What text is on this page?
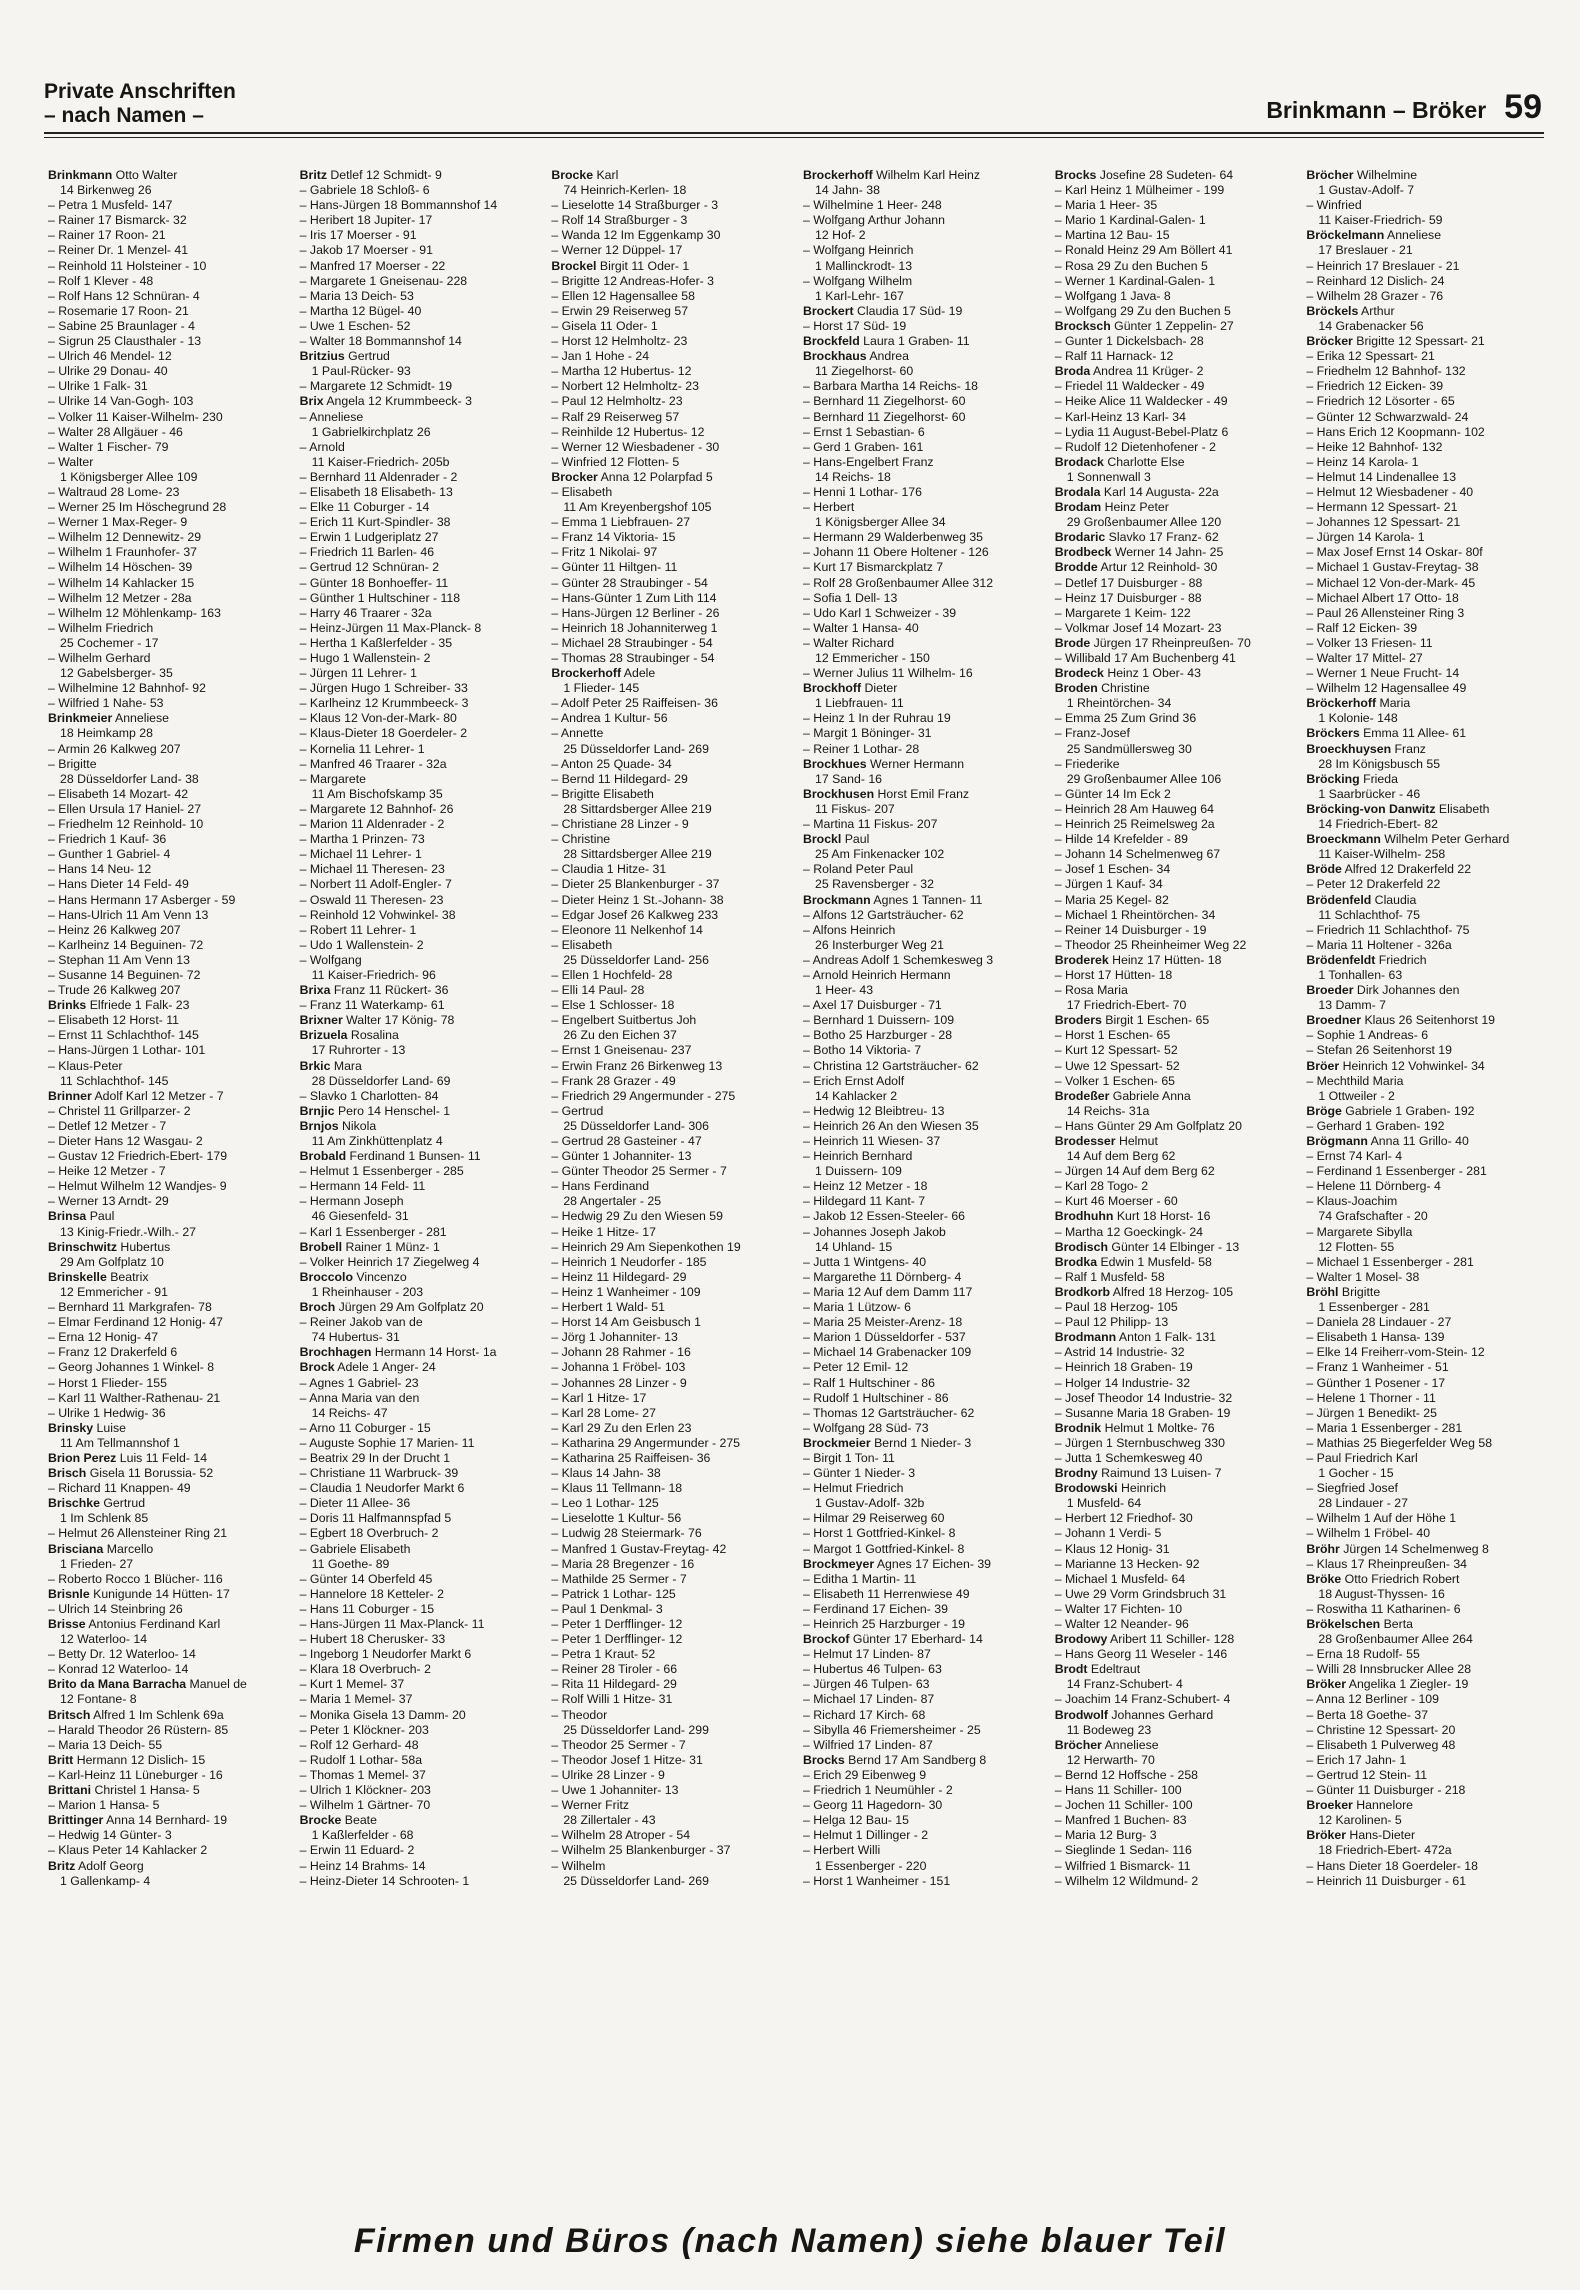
Private Anschriften
– nach Namen –	Brinkmann – Bröker 59
Brinkmann Otto Walter
14 Birkenweg 26
– Petra 1 Musfeld- 147
– Rainer 17 Bismarck- 32
– Rainer 17 Roon- 21
– Reiner Dr. 1 Menzel- 41
– Reinhold 11 Holsteiner - 10
– Rolf 1 Klever - 48
– Rolf Hans 12 Schnüran- 4
– Rosemarie 17 Roon- 21
– Sabine 25 Braunlager - 4
– Sigrun 25 Clausthaler - 13
– Ulrich 46 Mendel- 12
– Ulrike 29 Donau- 40
– Ulrike 1 Falk- 31
– Ulrike 14 Van-Gogh- 103
– Volker 11 Kaiser-Wilhelm- 230
– Walter 28 Allgäuer - 46
– Walter 1 Fischer- 79
– Walter
1 Königsberger Allee 109
– Waltraud 28 Lome- 23
– Werner 25 Im Höschegrund 28
– Werner 1 Max-Reger- 9
– Wilhelm 12 Dennewitz- 29
– Wilhelm 1 Fraunhofer- 37
– Wilhelm 14 Höschen- 39
– Wilhelm 14 Kahlacker 15
– Wilhelm 12 Metzer - 28a
– Wilhelm 12 Möhlenkamp- 163
– Wilhelm Friedrich
25 Cochemer - 17
– Wilhelm Gerhard
12 Gabelsberger- 35
– Wilhelmine 12 Bahnhof- 92
– Wilfried 1 Nahe- 53
Brinkmeier Anneliese
18 Heimkamp 28
– Armin 26 Kalkweg 207
– Brigitte
28 Düsseldorfer Land- 38
– Elisabeth 14 Mozart- 42
– Ellen Ursula 17 Haniel- 27
– Friedhelm 12 Reinhold- 10
– Friedrich 1 Kauf- 36
– Gunther 1 Gabriel- 4
– Hans 14 Neu- 12
– Hans Dieter 14 Feld- 49
– Hans Hermann 17 Asberger - 59
– Hans-Ulrich 11 Am Venn 13
– Heinz 26 Kalkweg 207
– Karlheinz 14 Beguinen- 72
– Stephan 11 Am Venn 13
– Susanne 14 Beguinen- 72
– Trude 26 Kalkweg 207
Brinks Elfriede 1 Falk- 23
– Elisabeth 12 Horst- 11
– Ernst 11 Schlachthof- 145
– Hans-Jürgen 1 Lothar- 101
– Klaus-Peter
11 Schlachthof- 145
Brinner Adolf Karl 12 Metzer - 7
– Christel 11 Grillparzer- 2
– Detlef 12 Metzer - 7
– Dieter Hans 12 Wasgau- 2
– Gustav 12 Friedrich-Ebert- 179
– Heike 12 Metzer - 7
– Helmut Wilhelm 12 Wandjes- 9
– Werner 13 Arndt- 29
Brinsa Paul
13 Kinig-Friedr.-Wilh.- 27
Brinschwitz Hubertus
29 Am Golfplatz 10
Brinskelle Beatrix
12 Emmericher - 91
– Bernhard 11 Markgrafen- 78
– Elmar Ferdinand 12 Honig- 47
– Erna 12 Honig- 47
– Franz 12 Drakerfeld 6
– Georg Johannes 1 Winkel- 8
– Horst 1 Flieder- 155
– Karl 11 Walther-Rathenau- 21
– Ulrike 1 Hedwig- 36
Brinsky Luise
11 Am Tellmannshof 1
Brion Perez Luis 11 Feld- 14
Brisch Gisela 11 Borussia- 52
– Richard 11 Knappen- 49
Brischke Gertrud
1 Im Schlenk 85
– Helmut 26 Allensteiner Ring 21
Brisciana Marcello
1 Frieden- 27
– Roberto Rocco 1 Blücher- 116
Brisnle Kunigunde 14 Hütten- 17
– Ulrich 14 Steinbring 26
Brisse Antonius Ferdinand Karl
12 Waterloo- 14
– Betty Dr. 12 Waterloo- 14
– Konrad 12 Waterloo- 14
Brito da Mana Barracha Manuel de
12 Fontane- 8
Britsch Alfred 1 Im Schlenk 69a
– Harald Theodor 26 Rüstern- 85
– Maria 13 Deich- 55
Britt Hermann 12 Dislich- 15
– Karl-Heinz 11 Lüneburger - 16
Brittani Christel 1 Hansa- 5
– Marion 1 Hansa- 5
Brittinger Anna 14 Bernhard- 19
– Hedwig 14 Günter- 3
– Klaus Peter 14 Kahlacker 2
Britz Adolf Georg
1 Gallenkamp- 4
Britz Detlef 12 Schmidt- 9
– Gabriele 18 Schloß- 6
– Hans-Jürgen 18 Bommannshof 14
– Heribert 18 Jupiter- 17
– Iris 17 Moerser - 91
– Jakob 17 Moerser - 91
– Manfred 17 Moerser - 22
– Margarete 1 Gneisenau- 228
– Maria 13 Deich- 53
– Martha 12 Bügel- 40
– Uwe 1 Eschen- 52
– Walter 18 Bommannshof 14
Britzius Gertrud
1 Paul-Rücker- 93
– Margarete 12 Schmidt- 19
Brix Angela 12 Krummbeeck- 3
– Anneliese
1 Gabrielkirchplatz 26
– Arnold
11 Kaiser-Friedrich- 205b
– Bernhard 11 Aldenrader - 2
– Elisabeth 18 Elisabeth- 13
– Elke 11 Coburger - 14
– Erich 11 Kurt-Spindler- 38
– Erwin 1 Ludgeriplatz 27
– Friedrich 11 Barlen- 46
– Gertrud 12 Schnüran- 2
– Günter 18 Bonhoeffer- 11
– Günther 1 Hultschiner - 118
– Harry 46 Traarer - 32a
– Heinz-Jürgen 11 Max-Planck- 8
– Hertha 1 Kaßlerfelder - 35
– Hugo 1 Wallenstein- 2
– Jürgen 11 Lehrer- 1
– Jürgen Hugo 1 Schreiber- 33
– Karlheinz 12 Krummbeeck- 3
– Klaus 12 Von-der-Mark- 80
– Klaus-Dieter 18 Goerdeler- 2
– Kornelia 11 Lehrer- 1
– Manfred 46 Traarer - 32a
– Margarete
11 Am Bischofskamp 35
– Margarete 12 Bahnhof- 26
– Marion 11 Aldenrader - 2
– Martha 1 Prinzen- 73
– Michael 11 Lehrer- 1
– Michael 11 Theresen- 23
– Norbert 11 Adolf-Engler- 7
– Oswald 11 Theresen- 23
– Reinhold 12 Vohwinkel- 38
– Robert 11 Lehrer- 1
– Udo 1 Wallenstein- 2
– Wolfgang
11 Kaiser-Friedrich- 96
Brixa Franz 11 Rückert- 36
– Franz 11 Waterkamp- 61
Brixner Walter 17 König- 78
Brizuela Rosalina
17 Ruhrorter - 13
Brkic Mara
28 Düsseldorfer Land- 69
– Slavko 1 Charlotten- 84
Brnjic Pero 14 Henschel- 1
Brnjos Nikola
11 Am Zinkhüttenplatz 4
Brobald Ferdinand 1 Bunsen- 11
– Helmut 1 Essenberger - 285
– Hermann 14 Feld- 11
– Hermann Joseph
46 Giesenfeld- 31
– Karl 1 Essenberger - 281
Brobell Rainer 1 Münz- 1
– Volker Heinrich 17 Ziegelweg 4
Broccolo Vincenzo
1 Rheinhauser - 203
Broch Jürgen 29 Am Golfplatz 20
– Reiner Jakob van de
74 Hubertus- 31
Brochhagen Hermann 14 Horst- 1a
Brock Adele 1 Anger- 24
– Agnes 1 Gabriel- 23
– Anna Maria van den
14 Reichs- 47
– Arno 11 Coburger - 15
– Auguste Sophie 17 Marien- 11
– Beatrix 29 In der Drucht 1
– Christiane 11 Warbruck- 39
– Claudia 1 Neudorfer Markt 6
– Dieter 11 Allee- 36
– Doris 11 Halfmannspfad 5
– Egbert 18 Overbruch- 2
– Gabriele Elisabeth
11 Goethe- 89
– Günter 14 Oberfeld 45
– Hannelore 18 Ketteler- 2
– Hans 11 Coburger - 15
– Hans-Jürgen 11 Max-Planck- 11
– Hubert 18 Cherusker- 33
– Ingeborg 1 Neudorfer Markt 6
– Klara 18 Overbruch- 2
– Kurt 1 Memel- 37
– Maria 1 Memel- 37
– Monika Gisela 13 Damm- 20
– Peter 1 Klöckner- 203
– Rolf 12 Gerhard- 48
– Rudolf 1 Lothar- 58a
– Thomas 1 Memel- 37
– Ulrich 1 Klöckner- 203
– Wilhelm 1 Gärtner- 70
Brocke Beate
1 Kaßlerfelder - 68
– Erwin 11 Eduard- 2
– Heinz 14 Brahms- 14
– Heinz-Dieter 14 Schrooten- 1
Brocke Karl
74 Heinrich-Kerlen- 18
– Lieselotte 14 Straßburger - 3
– Rolf 14 Straßburger - 3
– Wanda 12 Im Eggenkamp 30
– Werner 12 Düppel- 17
Brockel Birgit 11 Oder- 1
– Brigitte 12 Andreas-Hofer- 3
– Ellen 12 Hagensallee 58
– Erwin 29 Reiserweg 57
– Gisela 11 Oder- 1
– Horst 12 Helmholtz- 23
– Jan 1 Hohe - 24
– Martha 12 Hubertus- 12
– Norbert 12 Helmholtz- 23
– Paul 12 Helmholtz- 23
– Ralf 29 Reiserweg 57
– Reinhilde 12 Hubertus- 12
– Werner 12 Wiesbadener - 30
– Winfried 12 Flotten- 5
Brocker Anna 12 Polarpfad 5
– Elisabeth
11 Am Kreyenbergshof 105
– Emma 1 Liebfrauen- 27
– Franz 14 Viktoria- 15
– Fritz 1 Nikolai- 97
– Günter 11 Hiltgen- 11
– Günter 28 Straubinger - 54
– Hans-Günter 1 Zum Lith 114
– Hans-Jürgen 12 Berliner - 26
– Heinrich 18 Johanniterweg 1
– Michael 28 Straubinger - 54
– Thomas 28 Straubinger - 54
Brockerhoff Adele
1 Flieder- 145
– Adolf Peter 25 Raiffeisen- 36
– Andrea 1 Kultur- 56
– Annette
25 Düsseldorfer Land- 269
– Anton 25 Quade- 34
– Bernd 11 Hildegard- 29
– Brigitte Elisabeth
28 Sittardsberger Allee 219
– Christiane 28 Linzer - 9
– Christine
28 Sittardsberger Allee 219
– Claudia 1 Hitze- 31
– Dieter 25 Blankenburger - 37
– Dieter Heinz 1 St.-Johann- 38
– Edgar Josef 26 Kalkweg 233
– Eleonore 11 Nelkenhof 14
– Elisabeth
25 Düsseldorfer Land- 256
– Ellen 1 Hochfeld- 28
– Elli 14 Paul- 28
– Else 1 Schlosser- 18
– Engelbert Suitbertus Joh
26 Zu den Eichen 37
– Ernst 1 Gneisenau- 237
– Erwin Franz 26 Birkenweg 13
– Frank 28 Grazer - 49
– Friedrich 29 Angermunder - 275
– Gertrud
25 Düsseldorfer Land- 306
– Gertrud 28 Gasteiner - 47
– Günter 1 Johanniter- 13
– Günter Theodor 25 Sermer - 7
– Hans Ferdinand
28 Angertaler - 25
– Hedwig 29 Zu den Wiesen 59
– Heike 1 Hitze- 17
– Heinrich 29 Am Siepenkothen 19
– Heinrich 1 Neudorfer - 185
– Heinz 11 Hildegard- 29
– Heinz 1 Wanheimer - 109
– Herbert 1 Wald- 51
– Horst 14 Am Geisbusch 1
– Jörg 1 Johanniter- 13
– Johann 28 Rahmer - 16
– Johanna 1 Fröbel- 103
– Johannes 28 Linzer - 9
– Karl 1 Hitze- 17
– Karl 28 Lome- 27
– Karl 29 Zu den Erlen 23
– Katharina 29 Angermunder - 275
– Katharina 25 Raiffeisen- 36
– Klaus 14 Jahn- 38
– Klaus 11 Tellmann- 18
– Leo 1 Lothar- 125
– Lieselotte 1 Kultur- 56
– Ludwig 28 Steiermark- 76
– Manfred 1 Gustav-Freytag- 42
– Maria 28 Bregenzer - 16
– Mathilde 25 Sermer - 7
– Patrick 1 Lothar- 125
– Paul 1 Denkmal- 3
– Peter 1 Derfflinger- 12
– Peter 1 Derfflinger- 12
– Petra 1 Kraut- 52
– Reiner 28 Tiroler - 66
– Rita 11 Hildegard- 29
– Rolf Willi 1 Hitze- 31
– Theodor
25 Düsseldorfer Land- 299
– Theodor 25 Sermer - 7
– Theodor Josef 1 Hitze- 31
– Ulrike 28 Linzer - 9
– Uwe 1 Johanniter- 13
– Werner Fritz
28 Zillertaler - 43
– Wilhelm 28 Atroper - 54
– Wilhelm 25 Blankenburger - 37
– Wilhelm
25 Düsseldorfer Land- 269
Brockerhoff Wilhelm Karl Heinz
14 Jahn- 38
– Wilhelmine 1 Heer- 248
– Wolfgang Arthur Johann
12 Hof- 2
– Wolfgang Heinrich
1 Mallinckrodt- 13
– Wolfgang Wilhelm
1 Karl-Lehr- 167
Brockert Claudia 17 Süd- 19
– Horst 17 Süd- 19
Brockfeld Laura 1 Graben- 11
Brockhaus Andrea
11 Ziegelhorst- 60
– Barbara Martha 14 Reichs- 18
– Bernhard 11 Ziegelhorst- 60
– Bernhard 11 Ziegelhorst- 60
– Ernst 1 Sebastian- 6
– Gerd 1 Graben- 161
– Hans-Engelbert Franz
14 Reichs- 18
– Henni 1 Lothar- 176
– Herbert
1 Königsberger Allee 34
– Hermann 29 Walderbenweg 35
– Johann 11 Obere Holtener - 126
– Kurt 17 Bismarckplatz 7
– Rolf 28 Großenbaumer Allee 312
– Sofia 1 Dell- 13
– Udo Karl 1 Schweizer - 39
– Walter 1 Hansa- 40
– Walter Richard
12 Emmericher - 150
– Werner Julius 11 Wilhelm- 16
Brockhoff Dieter
1 Liebfrauen- 11
– Heinz 1 In der Ruhrau 19
– Margit 1 Böninger- 31
– Reiner 1 Lothar- 28
Brockhues Werner Hermann
17 Sand- 16
Brockhusen Horst Emil Franz
11 Fiskus- 207
– Martina 11 Fiskus- 207
Brockl Paul
25 Am Finkenacker 102
– Roland Peter Paul
25 Ravensberger - 32
Brockmann Agnes 1 Tannen- 11
– Alfons 12 Gartsträucher- 62
– Alfons Heinrich
26 Insterburger Weg 21
– Andreas Adolf 1 Schemkesweg 3
– Arnold Heinrich Hermann
1 Heer- 43
– Axel 17 Duisburger - 71
– Bernhard 1 Duissern- 109
– Botho 25 Harzburger - 28
– Botho 14 Viktoria- 7
– Christina 12 Gartsträucher- 62
– Erich Ernst Adolf
14 Kahlacker 2
– Hedwig 12 Bleibtreu- 13
– Heinrich 26 An den Wiesen 35
– Heinrich 11 Wiesen- 37
– Heinrich Bernhard
1 Duissern- 109
– Heinz 12 Metzer - 18
– Hildegard 11 Kant- 7
– Jakob 12 Essen-Steeler- 66
– Johannes Joseph Jakob
14 Uhland- 15
– Jutta 1 Wintgens- 40
– Margarethe 11 Dörnberg- 4
– Maria 12 Auf dem Damm 117
– Maria 1 Lützow- 6
– Maria 25 Meister-Arenz- 18
– Marion 1 Düsseldorfer - 537
– Michael 14 Grabenacker 109
– Peter 12 Emil- 12
– Ralf 1 Hultschiner - 86
– Rudolf 1 Hultschiner - 86
– Thomas 12 Gartsträucher- 62
– Wolfgang 28 Süd- 73
Brockmeier Bernd 1 Nieder- 3
– Birgit 1 Ton- 11
– Günter 1 Nieder- 3
– Helmut Friedrich
1 Gustav-Adolf- 32b
– Hilmar 29 Reiserweg 60
– Horst 1 Gottfried-Kinkel- 8
– Margot 1 Gottfried-Kinkel- 8
Brockmeyer Agnes 17 Eichen- 39
– Editha 1 Martin- 11
– Elisabeth 11 Herrenwiese 49
– Ferdinand 17 Eichen- 39
– Heinrich 25 Harzburger - 19
Brockof Günter 17 Eberhard- 14
– Helmut 17 Linden- 87
– Hubertus 46 Tulpen- 63
– Jürgen 46 Tulpen- 63
– Michael 17 Linden- 87
– Richard 17 Kirch- 68
– Sibylla 46 Friemersheimer - 25
– Wilfried 17 Linden- 87
Brocks Bernd 17 Am Sandberg 8
– Erich 29 Eibenweg 9
– Friedrich 1 Neumühler - 2
– Georg 11 Hagedorn- 30
– Helga 12 Bau- 15
– Helmut 1 Dillinger - 2
– Herbert Willi
1 Essenberger - 220
– Horst 1 Wanheimer - 151
Brocks Josefine 28 Sudeten- 64
– Karl Heinz 1 Mülheimer - 199
– Maria 1 Heer- 35
– Mario 1 Kardinal-Galen- 1
– Martina 12 Bau- 15
– Ronald Heinz 29 Am Böllert 41
– Rosa 29 Zu den Buchen 5
– Werner 1 Kardinal-Galen- 1
– Wolfgang 1 Java- 8
– Wolfgang 29 Zu den Buchen 5
Brocksch Günter 1 Zeppelin- 27
– Gunter 1 Dickelsbach- 28
– Ralf 11 Harnack- 12
Broda Andrea 11 Krüger- 2
– Friedel 11 Waldecker - 49
– Heike Alice 11 Waldecker - 49
– Karl-Heinz 13 Karl- 34
– Lydia 11 August-Bebel-Platz 6
– Rudolf 12 Dietenhofener - 2
Brodack Charlotte Else
1 Sonnenwall 3
Brodala Karl 14 Augusta- 22a
Brodam Heinz Peter
29 Großenbaumer Allee 120
Brodaric Slavko 17 Franz- 62
Brodbeck Werner 14 Jahn- 25
Brodde Artur 12 Reinhold- 30
– Detlef 17 Duisburger - 88
– Heinz 17 Duisburger - 88
– Margarete 1 Keim- 122
– Volkmar Josef 14 Mozart- 23
Brode Jürgen 17 Rheinpreußen- 70
– Willibald 17 Am Buchenberg 41
Brodeck Heinz 1 Ober- 43
Broden Christine
1 Rheintörchen- 34
– Emma 25 Zum Grind 36
– Franz-Josef
25 Sandmüllersweg 30
– Friederike
29 Großenbaumer Allee 106
– Günter 14 Im Eck 2
– Heinrich 28 Am Hauweg 64
– Heinrich 25 Reimelsweg 2a
– Hilde 14 Krefelder - 89
– Johann 14 Schelmenweg 67
– Josef 1 Eschen- 34
– Jürgen 1 Kauf- 34
– Maria 25 Kegel- 82
– Michael 1 Rheintörchen- 34
– Reiner 14 Duisburger - 19
– Theodor 25 Rheinheimer Weg 22
Broderek Heinz 17 Hütten- 18
– Horst 17 Hütten- 18
– Rosa Maria
17 Friedrich-Ebert- 70
Broders Birgit 1 Eschen- 65
– Horst 1 Eschen- 65
– Kurt 12 Spessart- 52
– Uwe 12 Spessart- 52
– Volker 1 Eschen- 65
Brodeßer Gabriele Anna
14 Reichs- 31a
– Hans Günter 29 Am Golfplatz 20
Brodesser Helmut
14 Auf dem Berg 62
– Jürgen 14 Auf dem Berg 62
– Karl 28 Togo- 2
– Kurt 46 Moerser - 60
Brodhuhn Kurt 18 Horst- 16
– Martha 12 Goeckingk- 24
Brodisch Günter 14 Elbinger - 13
Brodka Edwin 1 Musfeld- 58
– Ralf 1 Musfeld- 58
Brodkorb Alfred 18 Herzog- 105
– Paul 18 Herzog- 105
– Paul 12 Philipp- 13
Brodmann Anton 1 Falk- 131
– Astrid 14 Industrie- 32
– Heinrich 18 Graben- 19
– Holger 14 Industrie- 32
– Josef Theodor 14 Industrie- 32
– Susanne Maria 18 Graben- 19
Brodnik Helmut 1 Moltke- 76
– Jürgen 1 Sternbuschweg 330
– Jutta 1 Schemkesweg 40
Brodny Raimund 13 Luisen- 7
Brodowski Heinrich
1 Musfeld- 64
– Herbert 12 Friedhof- 30
– Johann 1 Verdi- 5
– Klaus 12 Honig- 31
– Marianne 13 Hecken- 92
– Michael 1 Musfeld- 64
– Uwe 29 Vorm Grindsbruch 31
– Walter 17 Fichten- 10
– Walter 12 Neander- 96
Brodowy Aribert 11 Schiller- 128
– Hans Georg 11 Weseler - 146
Brodt Edeltraut
14 Franz-Schubert- 4
– Joachim 14 Franz-Schubert- 4
Brodwolf Johannes Gerhard
11 Bodeweg 23
Bröcher Anneliese
12 Herwarth- 70
– Bernd 12 Hoffsche - 258
– Hans 11 Schiller- 100
– Jochen 11 Schiller- 100
– Manfred 1 Buchen- 83
– Maria 12 Burg- 3
– Sieglinde 1 Sedan- 116
– Wilfried 1 Bismarck- 11
– Wilhelm 12 Wildmund- 2
Bröcher Wilhelmine
1 Gustav-Adolf- 7
– Winfried
11 Kaiser-Friedrich- 59
Bröckelmann Anneliese
17 Breslauer - 21
– Heinrich 17 Breslauer - 21
– Reinhard 12 Dislich- 24
– Wilhelm 28 Grazer - 76
Bröckels Arthur
14 Grabenacker 56
Bröcker Brigitte 12 Spessart- 21
– Erika 12 Spessart- 21
– Friedhelm 12 Bahnhof- 132
– Friedrich 12 Eicken- 39
– Friedrich 12 Lösorter - 65
– Günter 12 Schwarzwald- 24
– Hans Erich 12 Koopmann- 102
– Heike 12 Bahnhof- 132
– Heinz 14 Karola- 1
– Helmut 14 Lindenallee 13
– Helmut 12 Wiesbadener - 40
– Hermann 12 Spessart- 21
– Johannes 12 Spessart- 21
– Jürgen 14 Karola- 1
– Max Josef Ernst 14 Oskar- 80f
– Michael 1 Gustav-Freytag- 38
– Michael 12 Von-der-Mark- 45
– Michael Albert 17 Otto- 18
– Paul 26 Allensteiner Ring 3
– Ralf 12 Eicken- 39
– Volker 13 Friesen- 11
– Walter 17 Mittel- 27
– Werner 1 Neue Frucht- 14
– Wilhelm 12 Hagensallee 49
Bröckerhoff Maria
1 Kolonie- 148
Bröckers Emma 11 Allee- 61
Broeckhuysen Franz
28 Im Königsbusch 55
Bröcking Frieda
1 Saarbrücker - 46
Bröcking-von Danwitz Elisabeth
14 Friedrich-Ebert- 82
Broeckmann Wilhelm Peter Gerhard
11 Kaiser-Wilhelm- 258
Bröde Alfred 12 Drakerfeld 22
– Peter 12 Drakerfeld 22
Brödenfeld Claudia
11 Schlachthof- 75
– Friedrich 11 Schlachthof- 75
– Maria 11 Holtener - 326a
Brödenfeldt Friedrich
1 Tonhallen- 63
Broeder Dirk Johannes den
13 Damm- 7
Broedner Klaus 26 Seitenhorst 19
– Sophie 1 Andreas- 6
– Stefan 26 Seitenhorst 19
Bröer Heinrich 12 Vohwinkel- 34
– Mechthild Maria
1 Ottweiler - 2
Bröge Gabriele 1 Graben- 192
– Gerhard 1 Graben- 192
Brögmann Anna 11 Grillo- 40
– Ernst 74 Karl- 4
– Ferdinand 1 Essenberger - 281
– Helene 11 Dörnberg- 4
– Klaus-Joachim
74 Grafschafter - 20
– Margarete Sibylla
12 Flotten- 55
– Michael 1 Essenberger - 281
– Walter 1 Mosel- 38
Bröhl Brigitte
1 Essenberger - 281
– Daniela 28 Lindauer - 27
– Elisabeth 1 Hansa- 139
– Elke 14 Freiherr-vom-Stein- 12
– Franz 1 Wanheimer - 51
– Günther 1 Posener - 17
– Helene 1 Thorner - 11
– Jürgen 1 Benedikt- 25
– Maria 1 Essenberger - 281
– Mathias 25 Biegerfelder Weg 58
– Paul Friedrich Karl
1 Gocher - 15
– Siegfried Josef
28 Lindauer - 27
– Wilhelm 1 Auf der Höhe 1
– Wilhelm 1 Fröbel- 40
Bröhr Jürgen 14 Schelmenweg 8
– Klaus 17 Rheinpreußen- 34
Bröke Otto Friedrich Robert
18 August-Thyssen- 16
– Roswitha 11 Katharinen- 6
Brökelschen Berta
28 Großenbaumer Allee 264
– Erna 18 Rudolf- 55
– Willi 28 Innsbrucker Allee 28
Bröker Angelika 1 Ziegler- 19
– Anna 12 Berliner - 109
– Berta 18 Goethe- 37
– Christine 12 Spessart- 20
– Elisabeth 1 Pulverweg 48
– Erich 17 Jahn- 1
– Gertrud 12 Stein- 11
– Günter 11 Duisburger - 218
Broeker Hannelore
12 Karolinen- 5
Bröker Hans-Dieter
18 Friedrich-Ebert- 472a
– Hans Dieter 18 Goerdeler- 18
– Heinrich 11 Duisburger - 61
Firmen und Büros (nach Namen) siehe blauer Teil
